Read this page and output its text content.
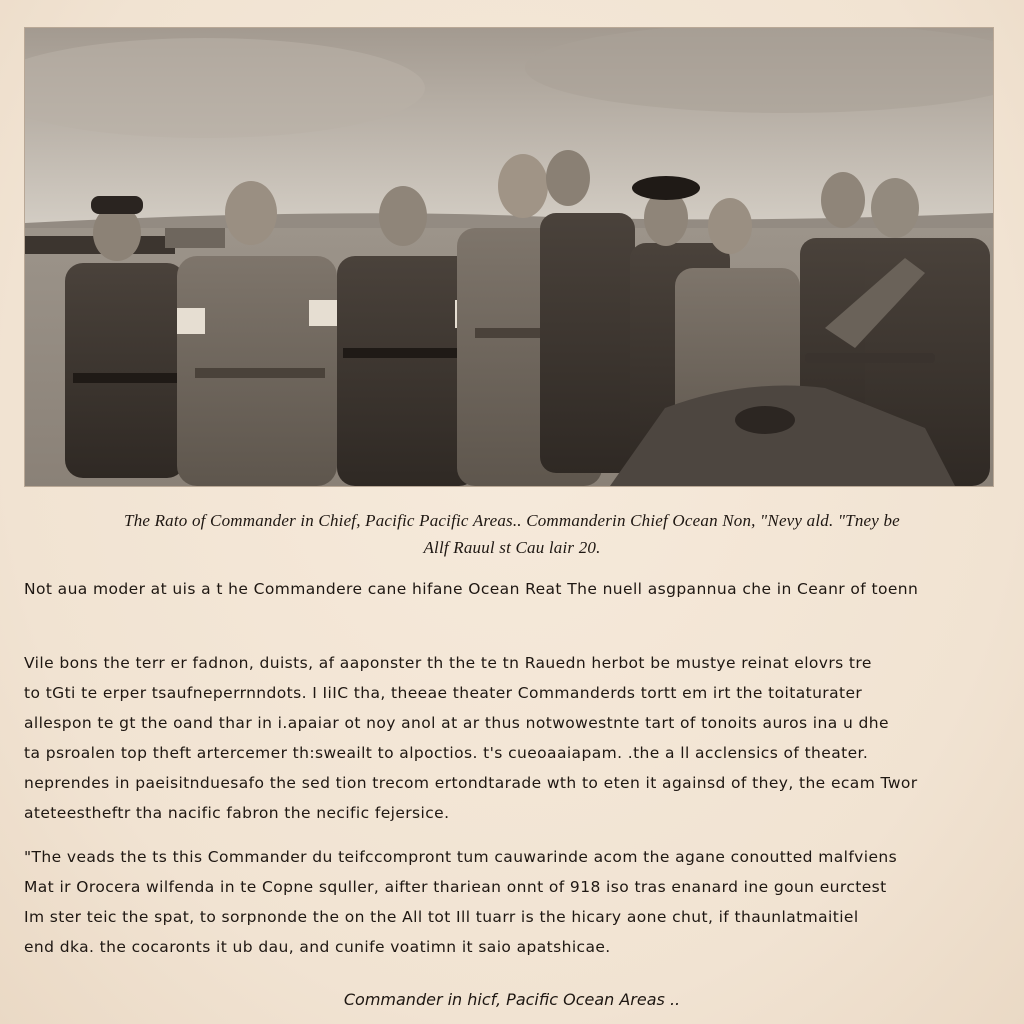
The Rato of Commander in Chief, Pacific Pacific Areas.. Commanderin Chief Ocean Non, "Nevy ald. "Tney be
Allf Rauul st Cau lair 20.
Not aua moder at uis a t he Commandere cane hifane Ocean Reat The nuell asgpannua che in Ceanr of toenn
Vile bons the terr er fadnon, duists, af aaponster th the te tn Rauedn herbot be mustye reinat elovrs tre
to tGti te erper tsaufneperrnndots. I IiIC tha, theeae theater Commanderds tortt em irt the toitaturater
allespon te gt the oand thar in i.apaiar ot noy anol at ar thus notwowestnte tart of tonoits auros ina u dhe
ta psroalen top theft artercemer th:sweailt to alpoctios. t's cueoaaiapam. .the a ll acclensics of theater.
neprendes in paeisitnduesafo the sed tion trecom ertondtarade wth to eten it againsd of they, the ecam Twor
ateteestheftr tha nacific fabron the necific fejersice.
"The veads the ts this Commander du teifccompront tum cauwarinde acom the agane conoutted malfviens
Mat ir Orocera wilfenda in te Copne squller, aifter thariean onnt of 918 iso tras enanard ine goun eurctest
Im ster teic the spat, to sorpnonde the on the All tot Ill tuarr is the hicary aone chut, if thaunlatmaitiel
end dka. the cocaronts it ub dau, and cunife voatimn it saio apatshicae.
Commander in hicf, Pacific Ocean Areas ..
